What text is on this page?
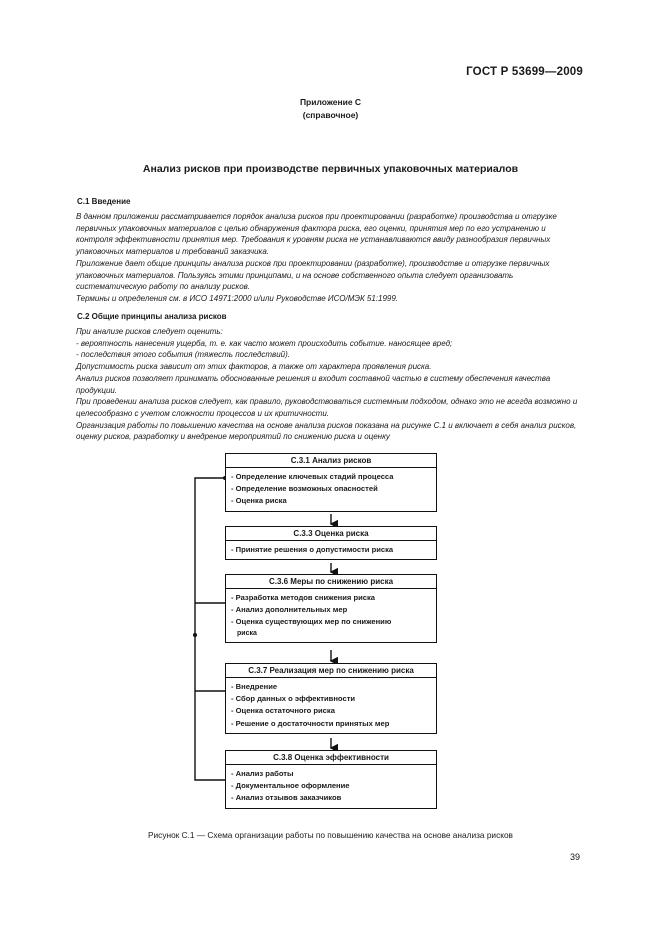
ГОСТ Р 53699—2009
Приложение С
(справочное)
Анализ рисков при производстве первичных упаковочных материалов
С.1 Введение

В данном приложении рассматривается порядок анализа рисков при проектировании (разработке) производства и отгрузке первичных упаковочных материалов с целью обнаружения фактора риска, его оценки, принятия мер по его устранению и контроля эффективности принятия мер. Требования к уровням риска не устанавливаются ввиду разнообразия первичных упаковочных материалов и требований заказчика.

Приложение дает общие принципы анализа рисков при проектировании (разработке), производстве и отгрузке первичных упаковочных материалов. Пользуясь этими принципами, и на основе собственного опыта следует организовать систематическую работу по анализу рисков.

Термины и определения см. в ИСО 14971:2000 и/или Руководстве ИСО/МЭК 51:1999.

С.2 Общие принципы анализа рисков

При анализе рисков следует оценить:

- вероятность нанесения ущерба, т. е. как часто может происходить событие. наносящее вред;

- последствия этого события (тяжесть последствий).

Допустимость риска зависит от этих факторов, а также от характера проявления риска.

Анализ рисков позволяет принимать обоснованные решения и входит составной частью в систему обеспечения качества продукции.

При проведении анализа рисков следует, как правило, руководствоваться системным подходом, однако это не всегда возможно и целесообразно с учетом сложности процессов и их критичности.

Организация работы по повышению качества на основе анализа рисков показана на рисунке С.1 и включает в себя анализ рисков, оценку рисков, разработку и внедрение мероприятий по снижению риска и оценку

С.3.1 Анализ рисков
- Определение ключевых стадий процесса
- Определение возможных опасностей
- Оценка риска
С.3.3 Оценка риска
- Принятие решения о допустимости риска
С.3.6 Меры по снижению риска
- Разработка методов снижения риска
- Анализ дополнительных мер
- Оценка существующих мер по снижению
риска
С.3.7 Реализация мер по снижению риска
- Внедрение
- Сбор данных о эффективности
- Оценка остаточного риска
- Решение о достаточности принятых мер
С.3.8 Оценка эффективности
- Анализ работы
- Документальное оформление
- Анализ отзывов заказчиков
Рисунок С.1 — Схема организации работы по повышению качества на основе анализа рисков
39
